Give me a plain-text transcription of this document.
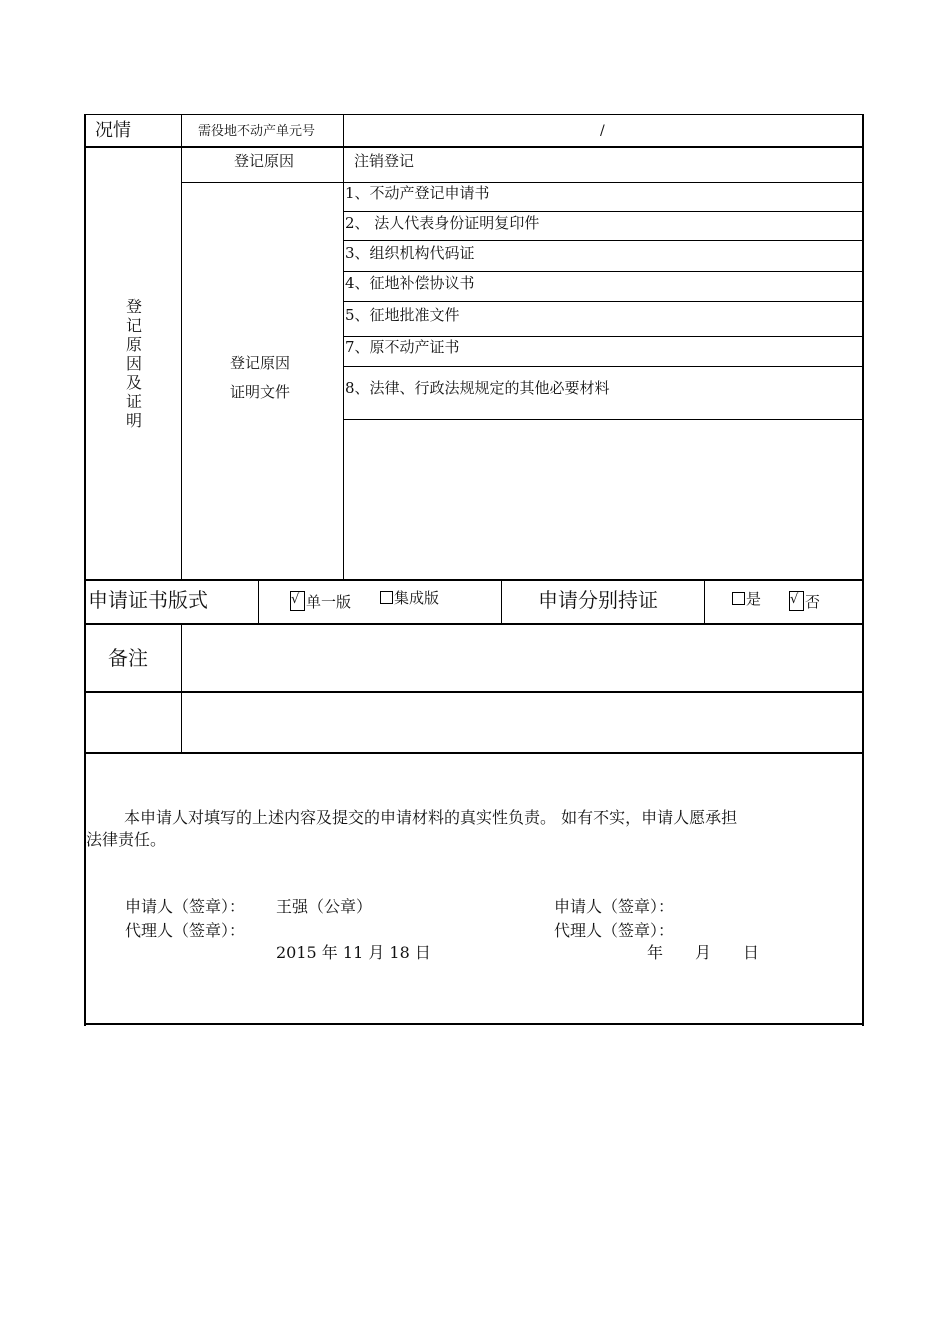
况情	需役地不动产单元号	/
登记原因及证明
登记原因	注销登记
登记原因
证明文件
1、不动产登记申请书
2、 法人代表身份证明复印件
3、组织机构代码证
4、征地补偿协议书
5、征地批准文件
7、原不动产证书
8、法律、行政法规规定的其他必要材料
申请证书版式	√ 单一版	集成版	申请分别持证	是 √ 否
备注
本申请人对填写的上述内容及提交的申请材料的真实性负责。 如有不实，申请人愿承担
法律责任。
申请人（签章）： 王强（公章）
代理人（签章）：
2015 年 11 月 18 日
申请人（签章）：
代理人（签章）：
年 月 日
